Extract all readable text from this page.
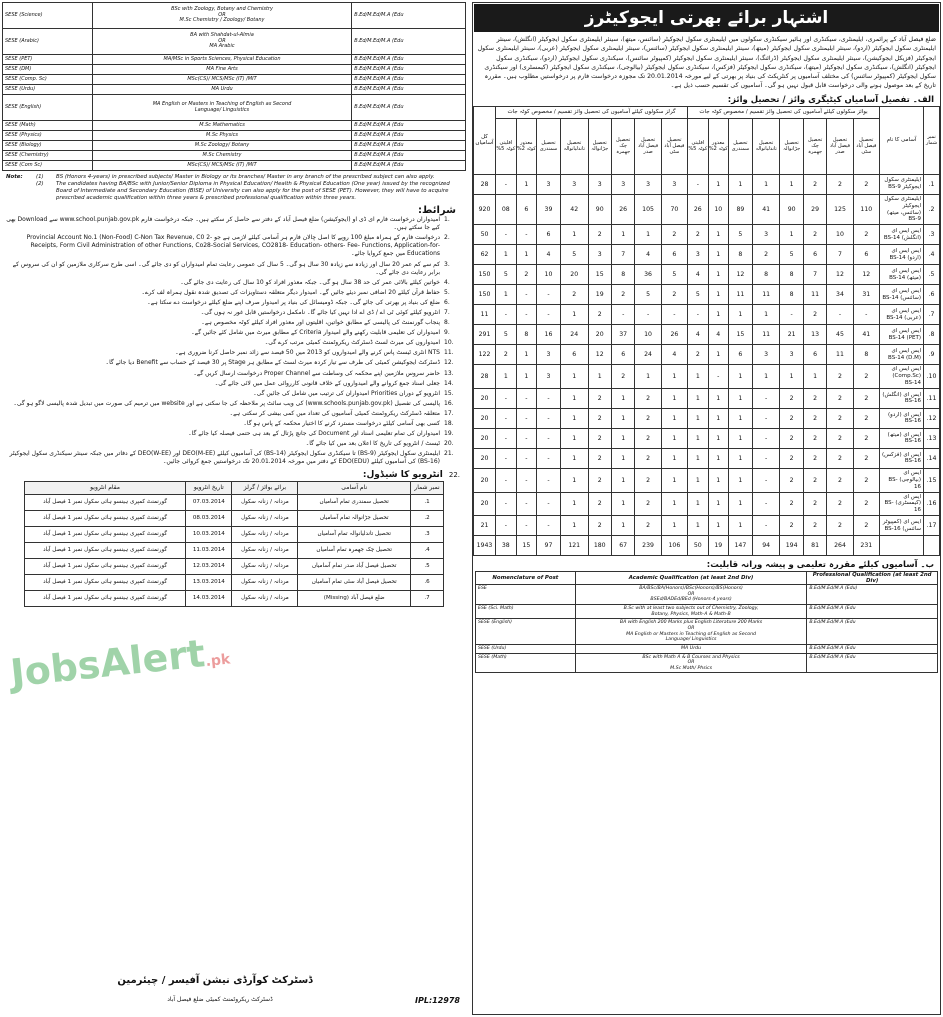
SESE (Science)	BSc with Zoology, Botany and Chemistry
OR
M.Sc Chemistry / Zoology/ Botany	B.Ed/M.Ed/M.A (Edu
SESE (Arabic)	BA with Shahdat-ul-Almia
OR
MA Arabic	B.Ed/M.Ed/M.A (Edu
SESE (PET)	MA/MSc in Sports Sciences, Physical Education	B.Ed/M.Ed/M.A (Edu
SESE (DM)	MA Fine Arts	B.Ed/M.Ed/M.A (Edu
SESE (Comp. Sc)	MSc(CS)/ MCS/MSc (IT) /MIT	B.Ed/M.Ed/M.A (Edu
SESE (Urdu)	MA Urdu	B.Ed/M.Ed/M.A (Edu
SESE (English)	MA English or Masters in Teaching of English as Second
Language/ Linguistics	B.Ed/M.Ed/M.A (Edu
SESE (Math)	M.Sc Mathematics	B.Ed/M.Ed/M.A (Edu
SESE (Physics)	M.Sc Physics	B.Ed/M.Ed/M.A (Edu
SESE (Biology)	M.Sc Zoology/ Botany	B.Ed/M.Ed/M.A (Edu
SESE (Chemistry)	M.Sc Chemistry	B.Ed/M.Ed/M.A (Edu
SESE (Com Sc)	MSc(CS)/ MCS/MSc (IT) /MIT	B.Ed/M.Ed/M.A (Edu
Note:	(1)	BS (Honors 4-years) in prescribed subjects/ Master in Biology or its branches/ Master in any branch of the prescribed subject can also apply.
(2)	The candidates having BA/BSc with Junior/Senior Diploma in Physical Education/ Health & Physical Education (One year) issued by the recognized Board of Intermediate and Secondary Education (BISE) of University can also apply for the post of SESE (PET). However, they will have to acquire prescribed academic qualification within three years & prescribed professional qualification within three years.
شرائط:
1.
امیدواران درخواست فارم ای ڈی او (ایجوکیشن) ضلع فیصل آباد کے دفتر سے حاصل کر سکتے ہیں۔ جبکہ درخواست فارم www.school.punjab.gov.pk سے Download بھی کیے جا سکتے ہیں۔
2.
درخواست فارم کے ہمراہ مبلغ 100 روپے کا اصل چالان فارم ہر آسامی کیلئے لازمی ہے جو Provincial Account No.1 (Non-Food) C-Non Tax Revenue, C0 2-Receipts, Form Civil Administration of other Functions, Co28-Social Services, CO2818- Education- others- Fee- Functions, Application-for-Educations میں جمع کروایا جائے۔
3.
کم سے کم عمر 20 سال اور زیادہ سے زیادہ 30 سال ہو گی۔ 5 سال کی عمومی رعایت تمام امیدواران کو دی جائے گی۔ اسی طرح سرکاری ملازمین کو ان کی سروس کے برابر رعایت دی جائے گی۔
4.
خواتین کیلئے بالائی عمر کی حد 38 سال ہو گی۔ جبکہ معذور افراد کو 10 سال کی رعایت دی جائے گی۔
5.
حفاظ قرآن کیلئے 20 اضافی نمبر دیئے جائیں گے۔ امیدوار دیگر متعلقہ دستاویزات کی تصدیق شدہ نقول ہمراہ لف کرے۔
6.
ضلع کی بنیاد پر بھرتی کی جائے گی۔ جبکہ ڈومیسائل کی بنیاد پر امیدوار صرف اپنے ضلع کیلئے درخواست دے سکتا ہے۔
7.
انٹرویو کیلئے کوئی ٹی اے / ڈی اے ادا نہیں کیا جائے گا۔ نامکمل درخواستیں قابل غور نہ ہوں گی۔
8.
پنجاب گورنمنٹ کی پالیسی کے مطابق خواتین، اقلیتوں اور معذور افراد کیلئے کوٹہ مخصوص ہے۔
9.
امیدواران کی تعلیمی قابلیت رکھنے والے امیدوار Criteria کے مطابق میرٹ میں شامل کئے جائیں گے۔
10.
امیدواروں کی میرٹ لسٹ ڈسٹرکٹ ریکروٹمنٹ کمیٹی مرتب کرے گی۔
11.
NTS انٹری ٹیسٹ پاس کرنے والے امیدواروں کو 2013 میں 50 فیصد سے زائد نمبر حاصل کرنا ضروری ہے۔
12.
ڈسٹرکٹ ایجوکیشن کمیٹی کی طرف سے تیار کردہ میرٹ لسٹ کے مطابق ہر Stage پر 30 فیصد کے حساب سے Benefit دیا جائے گا۔
13.
حاضر سروس ملازمین اپنے محکمہ کی وساطت سے Proper Channel درخواست ارسال کریں گے۔
14.
جعلی اسناد جمع کروانے والے امیدواروں کے خلاف قانونی کارروائی عمل میں لائی جائے گی۔
15.
انٹرویو کے دوران Priorities امیدواران کی ترتیب میں شامل کی جائیں گی۔
16.
پالیسی کی تفصیل (www.schools.punjab.gov.pk) کی ویب سائٹ پر ملاحظہ کی جا سکتی ہے اور website میں ترمیم کی صورت میں تبدیل شدہ پالیسی لاگو ہو گی۔
17.
متعلقہ ڈسٹرکٹ ریکروٹمنٹ کمیٹی آسامیوں کی تعداد میں کمی بیشی کر سکتی ہے۔
18.
کسی بھی آسامی کیلئے درخواست مسترد کرنے کا اختیار محکمہ کے پاس ہو گا۔
19.
امیدواران کی تمام تعلیمی اسناد اور Document کی جانچ پڑتال کے بعد ہی حتمی فیصلہ کیا جائے گا۔
20.
ٹیسٹ / انٹرویو کی تاریخ کا اعلان بعد میں کیا جائے گا۔
21.
ایلیمنٹری سکول ایجوکیٹر (BS-9) تا سیکنڈری سکول ایجوکیٹر (BS-14) کی آسامیوں کیلئے DEO(M-EE) اور DEO(W-EE) کے دفاتر میں جبکہ سینئر سیکنڈری سکول ایجوکیٹر (BS-16) کی آسامیوں کیلئے EDO(EDU) کے دفتر میں مورخہ 20.01.2014 تک درخواستیں جمع کروائی جائیں۔
انٹرویو کا شیڈول: 22.
نمبر شمار	نام آسامی	برائے بوائز / گرلز	تاریخ انٹرویو	مقام انٹرویو
1.	تحصیل سمندری تمام آسامیاں	مردانہ / زنانہ سکول	07.03.2014	گورنمنٹ کمپری ہینسو ہائی سکول نمبر 1 فیصل آباد
2.	تحصیل جڑانوالہ تمام آسامیاں	مردانہ / زنانہ سکول	08.03.2014	گورنمنٹ کمپری ہینسو ہائی سکول نمبر 1 فیصل آباد
3.	تحصیل تاندلیانوالہ تمام آسامیاں	مردانہ / زنانہ سکول	10.03.2014	گورنمنٹ کمپری ہینسو ہائی سکول نمبر 1 فیصل آباد
4.	تحصیل چک جھمرہ تمام آسامیاں	مردانہ / زنانہ سکول	11.03.2014	گورنمنٹ کمپری ہینسو ہائی سکول نمبر 1 فیصل آباد
5.	تحصیل فیصل آباد صدر تمام آسامیاں	مردانہ / زنانہ سکول	12.03.2014	گورنمنٹ کمپری ہینسو ہائی سکول نمبر 1 فیصل آباد
6.	تحصیل فیصل آباد سٹی تمام آسامیاں	مردانہ / زنانہ سکول	13.03.2014	گورنمنٹ کمپری ہینسو ہائی سکول نمبر 1 فیصل آباد
7.	ضلع فیصل آباد (Missing)	مردانہ / زنانہ سکول	14.03.2014	گورنمنٹ کمپری ہینسو ہائی سکول نمبر 1 فیصل آباد
JobsAlert.pk
ڈسٹرکٹ کوآرڈی نیشن آفیسر / چیئرمین
ڈسٹرکٹ ریکروٹمنٹ کمیٹی ضلع فیصل آباد	IPL:12978
اشتہار برائے بھرتی ایجوکیٹرز
ضلع فیصل آباد کے پرائمری، ایلیمنٹری، سیکنڈری اور ہائیر سیکنڈری سکولوں میں ایلیمنٹری سکول ایجوکیٹر (سائنس، میتھ)، سینئر ایلیمنٹری سکول ایجوکیٹر (انگلش)، سینئر ایلیمنٹری سکول ایجوکیٹر (اردو)، سینئر ایلیمنٹری سکول ایجوکیٹر (میتھ)، سینئر ایلیمنٹری سکول ایجوکیٹر (سائنس)، سینئر ایلیمنٹری سکول ایجوکیٹر (عربی)، سینئر ایلیمنٹری سکول ایجوکیٹر (فزیکل ایجوکیشن)، سینئر ایلیمنٹری سکول ایجوکیٹر (ڈرائنگ)، سینئر ایلیمنٹری سکول ایجوکیٹر (کمپیوٹر سائنس)، سیکنڈری سکول ایجوکیٹر (اردو)، سیکنڈری سکول ایجوکیٹر (انگلش)، سیکنڈری سکول ایجوکیٹر (میتھ)، سیکنڈری سکول ایجوکیٹر (فزکس)، سیکنڈری سکول ایجوکیٹر (بیالوجی)، سیکنڈری سکول ایجوکیٹر (کیمسٹری) اور سیکنڈری سکول ایجوکیٹر (کمپیوٹر سائنس) کی مختلف آسامیوں پر کنٹریکٹ کی بنیاد پر بھرتی کے لیے مورخہ 20.01.2014 تک مجوزہ درخواست فارم پر درخواستیں مطلوب ہیں۔ مقررہ تاریخ کے بعد موصول ہونے والی درخواست قابل قبول نہیں ہو گی۔ آسامیوں کی تقسیم حسب ذیل ہے۔
الف۔ تفصیل آسامیاں کیٹیگری وائز / تحصیل وائز:
نمبر شمار	آسامی کا نام	بوائز سکولوں کیلئے آسامیوں کی تحصیل وائز تقسیم / مخصوص کوٹہ جات								گرلز سکولوں کیلئے آسامیوں کی تحصیل وائز تقسیم / مخصوص کوٹہ جات								کل آسامیاں
		تحصیل فیصل آباد سٹی	تحصیل فیصل آباد صدر	تحصیل چک جھمرہ	تحصیل جڑانوالہ	تحصیل تاندلیانوالہ	تحصیل سمندری	معذور کوٹہ 2%	اقلیتی کوٹہ 5%	تحصیل فیصل آباد سٹی	تحصیل فیصل آباد صدر	تحصیل چک جھمرہ	تحصیل جڑانوالہ	تحصیل تاندلیانوالہ	تحصیل سمندری	معذور کوٹہ 2%	اقلیتی کوٹہ 5%	
1.	ایلیمنٹری سکول ایجوکیٹر BS-9	2	2	2	1	1	1	1	-	3	3	3	3	3	3	1	-	28
2.	ایلیمنٹری سکول ایجوکیٹر (سائنس، میتھ) BS-9	110	125	29	90	41	89	10	26	70	105	26	90	42	39	6	08	920
3.	ایس ایس ای (انگلش) BS-14	2	10	2	1	3	5	1	2	2	1	1	2	1	6	-	-	50
4.	ایس ایس ای (اردو) BS-14	6	7	6	5	2	8	1	3	6	4	7	3	5	4	1	1	62
5.	ایس ایس ای (میتھ) BS-14	12	12	7	8	8	12	1	4	5	36	8	15	20	10	2	5	150
6.	ایس ایس ای (سائنس) BS-14	31	34	11	8	11	11	1	5	2	5	2	19	2	-	-	1	150
7.	ایس ایس ای (عربی) BS-14	-	-	2	-	1	1	1	-	-	-	-	2	1	-	-	-	11
8.	ایس ایس ای (PET) BS-14	41	45	13	21	11	15	4	4	26	10	37	20	24	16	8	5	291
9.	ایس ایس ای (D.M) BS-14	8	11	6	3	3	6	1	2	4	24	6	12	6	3	1	2	122
10.	ایس ایس ای (Comp.Sc) BS-14	2	2	1	1	1	1	-	1	1	1	2	1	1	3	1	1	28
11.	ایس ای (انگلش) BS-16	2	2	2	2	-	1	1	1	1	2	1	2	1	-	-	-	20
12.	ایس ای (اردو) BS-16	2	2	2	2	-	1	1	1	1	2	1	2	1	-	-	-	20
13.	ایس ای (میتھ) BS-16	2	2	2	2	-	1	1	1	1	2	1	2	1	-	-	-	20
14.	ایس ای (فزکس) BS-16	2	2	2	2	-	1	1	1	1	2	1	2	1	-	-	-	20
15.	ایس ای (بیالوجی) BS-16	2	2	2	2	-	1	1	1	1	2	1	2	1	-	-	-	20
16.	ایس ای (کیمسٹری) BS-16	2	2	2	2	-	1	1	1	1	2	1	2	1	-	-	-	20
17.	ایس ای (کمپیوٹر سائنس) BS-16	2	2	2	2	-	1	1	1	1	2	1	2	1	-	-	-	21
		231	264	81	194	94	147	19	50	106	239	67	180	121	97	15	38	1943
ب۔ آسامیوں کیلئے مقررہ تعلیمی و پیشہ ورانہ قابلیت:
Nomenclature of Post	Academic Qualification (at least 2nd Div)	Professional Qualification (at least 2nd Div)
ESE	BA/BSc/BA(Honors)/BSc(Honors)/BS(Honors)
OR
BSEd/BADEd/BEd (Honors-4 years)	B.Ed/M.Ed/M.A (Edu)
ESE (Sci. Math)	B.Sc with at least two subjects out of Chemistry, Zoology,
Botany, Physics, Math-A & Math-B	B.Ed/M.Ed/M.A (Edu
SESE (English)	BA with English 200 Marks plus English Literature 200 Marks
OR
MA English or Masters in Teaching of English as Second
Language/ Linguistics	B.Ed/M.Ed/M.A (Edu
SESE (Urdu)	MA Urdu	B.Ed/M.Ed/M.A (Edu
SESE (Math)	BSc with Math A & B Courses and Physics
OR
M.Sc Math/ Phsics	B.Ed/M.Ed/M.A (Edu
